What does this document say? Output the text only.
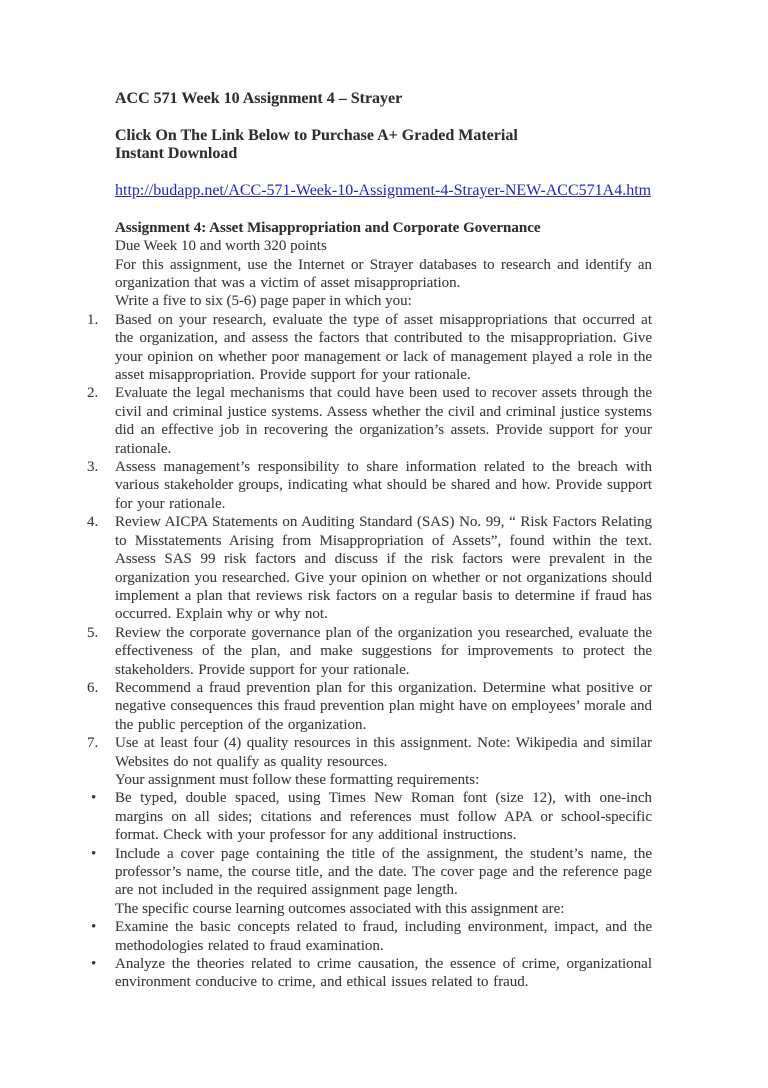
ACC 571 Week 10 Assignment 4 – Strayer

Click On The Link Below to Purchase A+ Graded Material

Instant Download

http://budapp.net/ACC-571-Week-10-Assignment-4-Strayer-NEW-ACC571A4.htm

Assignment 4: Asset Misappropriation and Corporate Governance

Due Week 10 and worth 320 points

For this assignment, use the Internet or Strayer databases to research and identify an organization that was a victim of asset misappropriation.

Write a five to six (5-6) page paper in which you:

Based on your research, evaluate the type of asset misappropriations that occurred at the organization, and assess the factors that contributed to the misappropriation. Give your opinion on whether poor management or lack of management played a role in the asset misappropriation. Provide support for your rationale.
Evaluate the legal mechanisms that could have been used to recover assets through the civil and criminal justice systems. Assess whether the civil and criminal justice systems did an effective job in recovering the organization’s assets. Provide support for your rationale.
Assess management’s responsibility to share information related to the breach with various stakeholder groups, indicating what should be shared and how. Provide support for your rationale.
Review AICPA Statements on Auditing Standard (SAS) No. 99, “ Risk Factors Relating to Misstatements Arising from Misappropriation of Assets”, found within the text. Assess SAS 99 risk factors and discuss if the risk factors were prevalent in the organization you researched. Give your opinion on whether or not organizations should implement a plan that reviews risk factors on a regular basis to determine if fraud has occurred. Explain why or why not.
Review the corporate governance plan of the organization you researched, evaluate the effectiveness of the plan, and make suggestions for improvements to protect the stakeholders. Provide support for your rationale.
Recommend a fraud prevention plan for this organization. Determine what positive or negative consequences this fraud prevention plan might have on employees’ morale and the public perception of the organization.
Use at least four (4) quality resources in this assignment. Note: Wikipedia and similar Websites do not qualify as quality resources.

Your assignment must follow these formatting requirements:

• Be typed, double spaced, using Times New Roman font (size 12), with one-inch margins on all sides; citations and references must follow APA or school-specific format. Check with your professor for any additional instructions.
• Include a cover page containing the title of the assignment, the student’s name, the professor’s name, the course title, and the date. The cover page and the reference page are not included in the required assignment page length.

The specific course learning outcomes associated with this assignment are:

• Examine the basic concepts related to fraud, including environment, impact, and the methodologies related to fraud examination.
• Analyze the theories related to crime causation, the essence of crime, organizational environment conducive to crime, and ethical issues related to fraud.
